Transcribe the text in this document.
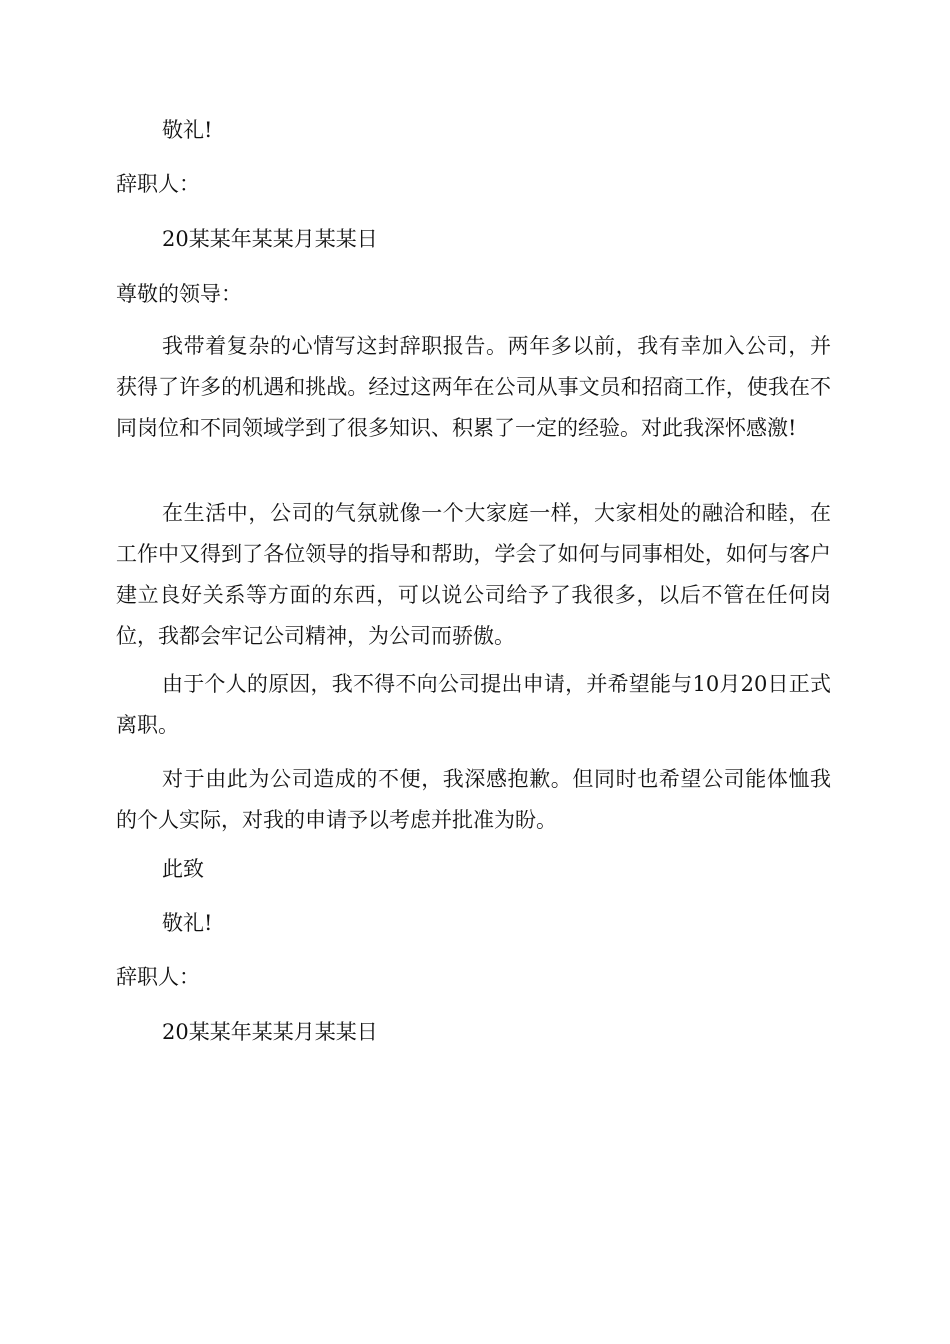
敬礼!
辞职人：
20某某年某某月某某日
尊敬的领导：
我带着复杂的心情写这封辞职报告。两年多以前，我有幸加入公司，并获得了许多的机遇和挑战。经过这两年在公司从事文员和招商工作，使我在不同岗位和不同领域学到了很多知识、积累了一定的经验。对此我深怀感激!
在生活中，公司的气氛就像一个大家庭一样，大家相处的融洽和睦，在工作中又得到了各位领导的指导和帮助，学会了如何与同事相处，如何与客户建立良好关系等方面的东西，可以说公司给予了我很多，以后不管在任何岗位，我都会牢记公司精神，为公司而骄傲。
由于个人的原因，我不得不向公司提出申请，并希望能与10月20日正式离职。
对于由此为公司造成的不便，我深感抱歉。但同时也希望公司能体恤我的个人实际，对我的申请予以考虑并批准为盼。
此致
敬礼!
辞职人：
20某某年某某月某某日
